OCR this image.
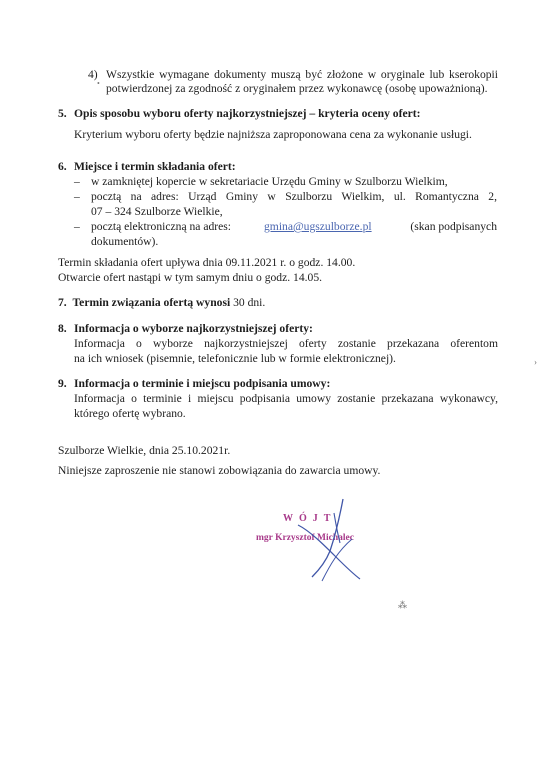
4) Wszystkie wymagane dokumenty muszą być złożone w oryginale lub kserokopii
potwierdzonej za zgodność z oryginałem przez wykonawcę (osobę upoważnioną).
5. Opis sposobu wyboru oferty najkorzystniejszej – kryteria oceny ofert:
Kryterium wyboru oferty będzie najniższa zaproponowana cena za wykonanie usługi.
6. Miejsce i termin składania ofert:
– w zamkniętej kopercie w sekretariacie Urzędu Gminy w Szulborzu Wielkim,
– pocztą na adres: Urząd Gminy w Szulborzu Wielkim, ul. Romantyczna 2,
07 – 324 Szulborze Wielkie,
– pocztą elektroniczną na adres:	gmina@ugszulborze.pl	(skan podpisanych
dokumentów).
Termin składania ofert upływa dnia 09.11.2021 r. o godz. 14.00.
Otwarcie ofert nastąpi w tym samym dniu o godz. 14.05.
7. Termin związania ofertą wynosi 30 dni.
8. Informacja o wyborze najkorzystniejszej oferty:
Informacja o wyborze najkorzystniejszej oferty zostanie przekazana oferentom
na ich wniosek (pisemnie, telefonicznie lub w formie elektronicznej).
9. Informacja o terminie i miejscu podpisania umowy:
Informacja o terminie i miejscu podpisania umowy zostanie przekazana wykonawcy,
którego ofertę wybrano.
Szulborze Wielkie, dnia 25.10.2021r.
Niniejsze zaproszenie nie stanowi zobowiązania do zawarcia umowy.
WÓJT
mgr Krzysztof Michalec
⁂
›
•
